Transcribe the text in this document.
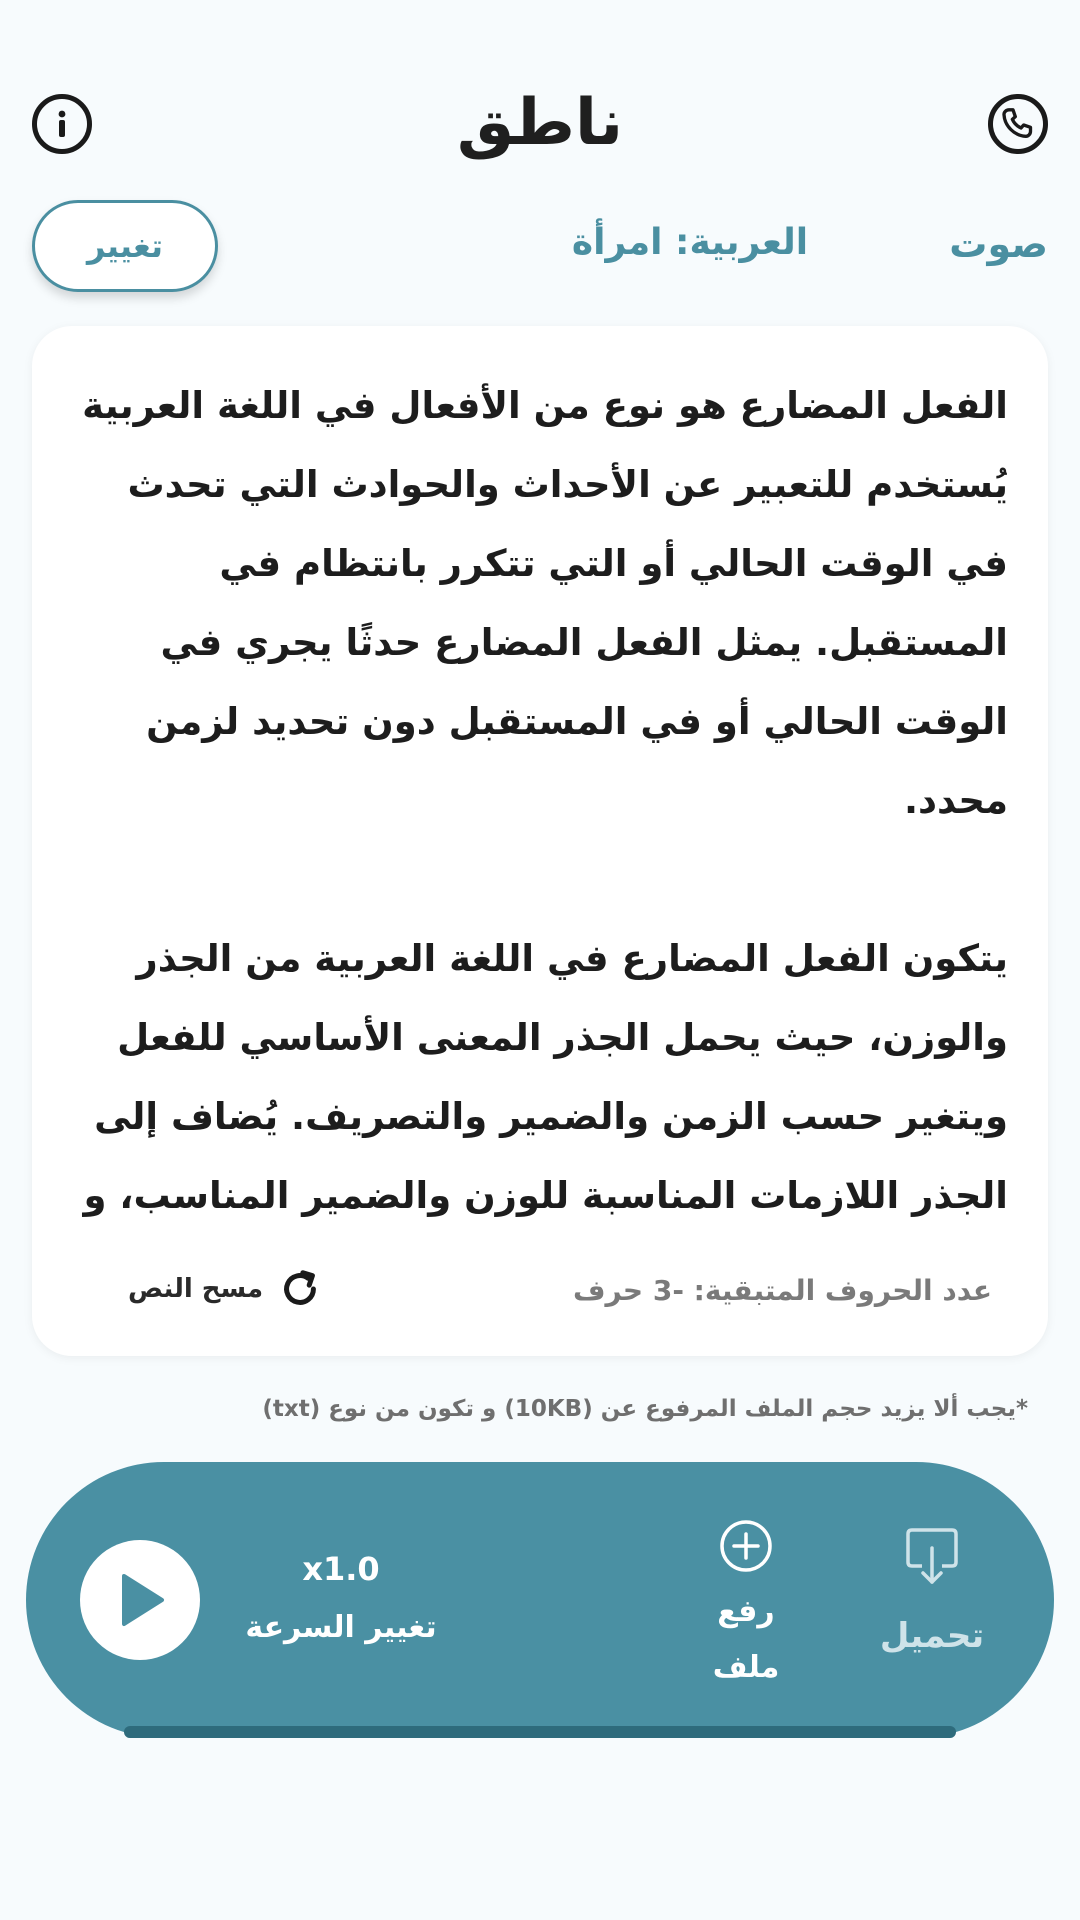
ناطق
تغيير	العربية: امرأة	صوت

الفعل المضارع هو نوع من الأفعال في اللغة العربية يُستخدم للتعبير عن الأحداث والحوادث التي تحدث في الوقت الحالي أو التي تتكرر بانتظام في المستقبل. يمثل الفعل المضارع حدثًا يجري في الوقت الحالي أو في المستقبل دون تحديد لزمن محدد.

يتكون الفعل المضارع في اللغة العربية من الجذر والوزن، حيث يحمل الجذر المعنى الأساسي للفعل ويتغير حسب الزمن والضمير والتصريف. يُضاف إلى الجذر اللازمات المناسبة للوزن والضمير المناسب، و

مسح النص	عدد الحروف المتبقية: -3 حرف
*يجب ألا يزيد حجم الملف المرفوع عن (10KB) و تكون من نوع (txt)
x1.0
تغيير السرعة	رفع
ملف
تحميل
